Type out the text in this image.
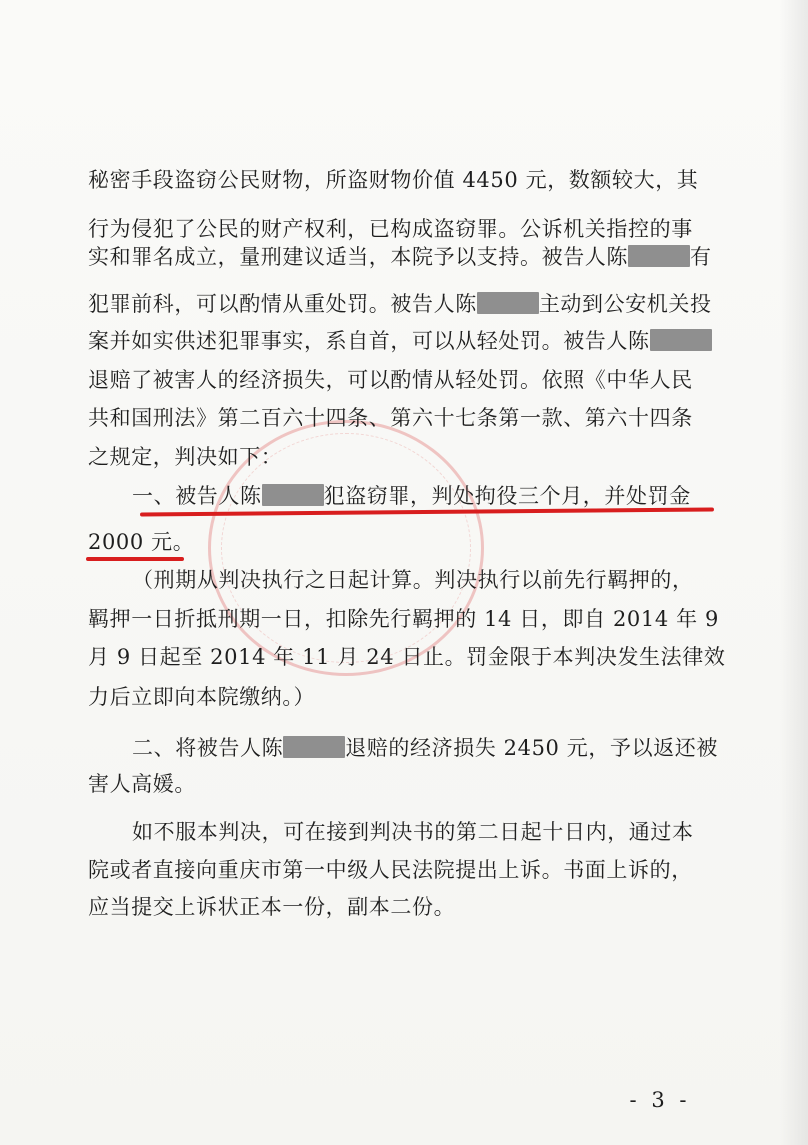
秘密手段盗窃公民财物，所盗财物价值 4450 元，数额较大，其
行为侵犯了公民的财产权利，已构成盗窃罪。公诉机关指控的事
实和罪名成立，量刑建议适当，本院予以支持。被告人陈	有
犯罪前科，可以酌情从重处罚。被告人陈	主动到公安机关投
案并如实供述犯罪事实，系自首，可以从轻处罚。被告人陈
退赔了被害人的经济损失，可以酌情从轻处罚。依照《中华人民
共和国刑法》第二百六十四条、第六十七条第一款、第六十四条
之规定，判决如下：
一、被告人陈	犯盗窃罪，判处拘役三个月，并处罚金
2000 元。
（刑期从判决执行之日起计算。判决执行以前先行羁押的，
羁押一日折抵刑期一日，扣除先行羁押的 14 日，即自 2014 年 9
月 9 日起至 2014 年 11 月 24 日止。罚金限于本判决发生法律效
力后立即向本院缴纳。）
二、将被告人陈	退赔的经济损失 2450 元，予以返还被
害人高媛。
如不服本判决，可在接到判决书的第二日起十日内，通过本
院或者直接向重庆市第一中级人民法院提出上诉。书面上诉的，
应当提交上诉状正本一份，副本二份。
- 3 -
